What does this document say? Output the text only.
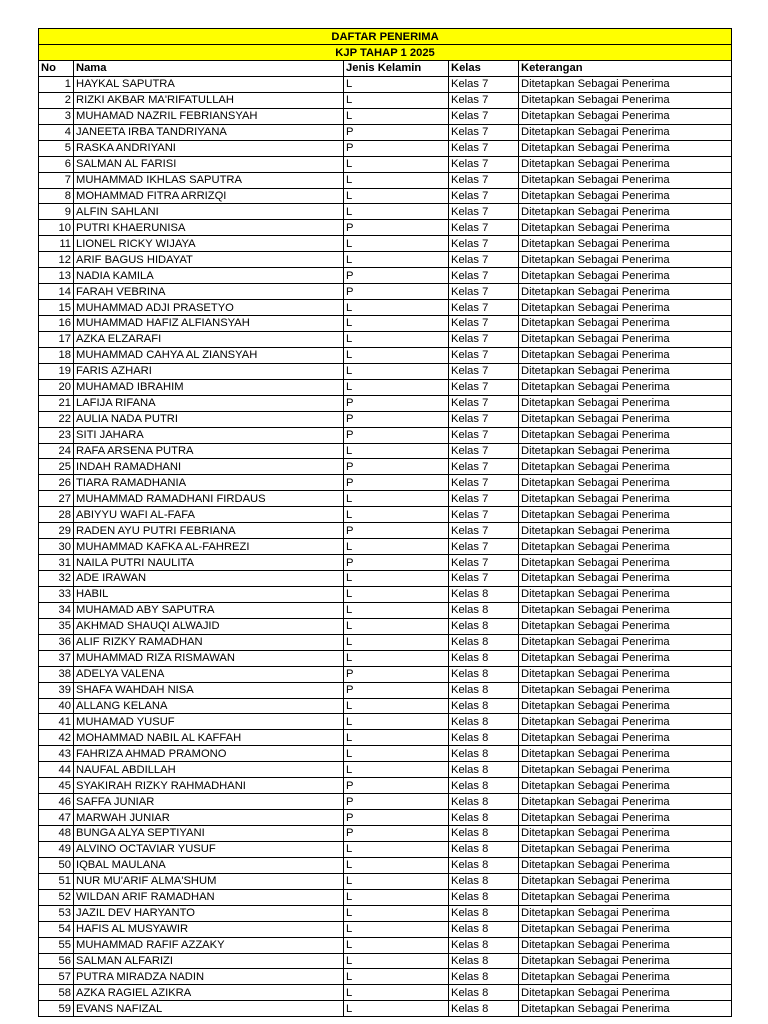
DAFTAR PENERIMA				
KJP TAHAP 1 2025				
No	Nama	Jenis Kelamin	Kelas	Keterangan
1	HAYKAL SAPUTRA	L	Kelas 7	Ditetapkan Sebagai Penerima
2	RIZKI AKBAR MA'RIFATULLAH	L	Kelas 7	Ditetapkan Sebagai Penerima
3	MUHAMAD NAZRIL FEBRIANSYAH	L	Kelas 7	Ditetapkan Sebagai Penerima
4	JANEETA IRBA TANDRIYANA	P	Kelas 7	Ditetapkan Sebagai Penerima
5	RASKA ANDRIYANI	P	Kelas 7	Ditetapkan Sebagai Penerima
6	SALMAN AL FARISI	L	Kelas 7	Ditetapkan Sebagai Penerima
7	MUHAMMAD IKHLAS SAPUTRA	L	Kelas 7	Ditetapkan Sebagai Penerima
8	MOHAMMAD FITRA ARRIZQI	L	Kelas 7	Ditetapkan Sebagai Penerima
9	ALFIN SAHLANI	L	Kelas 7	Ditetapkan Sebagai Penerima
10	PUTRI KHAERUNISA	P	Kelas 7	Ditetapkan Sebagai Penerima
11	LIONEL RICKY WIJAYA	L	Kelas 7	Ditetapkan Sebagai Penerima
12	ARIF BAGUS HIDAYAT	L	Kelas 7	Ditetapkan Sebagai Penerima
13	NADIA KAMILA	P	Kelas 7	Ditetapkan Sebagai Penerima
14	FARAH VEBRINA	P	Kelas 7	Ditetapkan Sebagai Penerima
15	MUHAMMAD ADJI PRASETYO	L	Kelas 7	Ditetapkan Sebagai Penerima
16	MUHAMMAD HAFIZ ALFIANSYAH	L	Kelas 7	Ditetapkan Sebagai Penerima
17	AZKA ELZARAFI	L	Kelas 7	Ditetapkan Sebagai Penerima
18	MUHAMMAD CAHYA AL ZIANSYAH	L	Kelas 7	Ditetapkan Sebagai Penerima
19	FARIS AZHARI	L	Kelas 7	Ditetapkan Sebagai Penerima
20	MUHAMAD IBRAHIM	L	Kelas 7	Ditetapkan Sebagai Penerima
21	LAFIJA RIFANA	P	Kelas 7	Ditetapkan Sebagai Penerima
22	AULIA NADA PUTRI	P	Kelas 7	Ditetapkan Sebagai Penerima
23	SITI JAHARA	P	Kelas 7	Ditetapkan Sebagai Penerima
24	RAFA ARSENA PUTRA	L	Kelas 7	Ditetapkan Sebagai Penerima
25	INDAH RAMADHANI	P	Kelas 7	Ditetapkan Sebagai Penerima
26	TIARA RAMADHANIA	P	Kelas 7	Ditetapkan Sebagai Penerima
27	MUHAMMAD RAMADHANI FIRDAUS	L	Kelas 7	Ditetapkan Sebagai Penerima
28	ABIYYU WAFI AL-FAFA	L	Kelas 7	Ditetapkan Sebagai Penerima
29	RADEN AYU PUTRI FEBRIANA	P	Kelas 7	Ditetapkan Sebagai Penerima
30	MUHAMMAD KAFKA AL-FAHREZI	L	Kelas 7	Ditetapkan Sebagai Penerima
31	NAILA PUTRI NAULITA	P	Kelas 7	Ditetapkan Sebagai Penerima
32	ADE IRAWAN	L	Kelas 7	Ditetapkan Sebagai Penerima
33	HABIL	L	Kelas 8	Ditetapkan Sebagai Penerima
34	MUHAMAD ABY SAPUTRA	L	Kelas 8	Ditetapkan Sebagai Penerima
35	AKHMAD SHAUQI ALWAJID	L	Kelas 8	Ditetapkan Sebagai Penerima
36	ALIF RIZKY RAMADHAN	L	Kelas 8	Ditetapkan Sebagai Penerima
37	MUHAMMAD RIZA RISMAWAN	L	Kelas 8	Ditetapkan Sebagai Penerima
38	ADELYA VALENA	P	Kelas 8	Ditetapkan Sebagai Penerima
39	SHAFA WAHDAH NISA	P	Kelas 8	Ditetapkan Sebagai Penerima
40	ALLANG KELANA	L	Kelas 8	Ditetapkan Sebagai Penerima
41	MUHAMAD YUSUF	L	Kelas 8	Ditetapkan Sebagai Penerima
42	MOHAMMAD NABIL AL KAFFAH	L	Kelas 8	Ditetapkan Sebagai Penerima
43	FAHRIZA AHMAD PRAMONO	L	Kelas 8	Ditetapkan Sebagai Penerima
44	NAUFAL ABDILLAH	L	Kelas 8	Ditetapkan Sebagai Penerima
45	SYAKIRAH RIZKY RAHMADHANI	P	Kelas 8	Ditetapkan Sebagai Penerima
46	SAFFA JUNIAR	P	Kelas 8	Ditetapkan Sebagai Penerima
47	MARWAH JUNIAR	P	Kelas 8	Ditetapkan Sebagai Penerima
48	BUNGA ALYA SEPTIYANI	P	Kelas 8	Ditetapkan Sebagai Penerima
49	ALVINO OCTAVIAR YUSUF	L	Kelas 8	Ditetapkan Sebagai Penerima
50	IQBAL MAULANA	L	Kelas 8	Ditetapkan Sebagai Penerima
51	NUR MU'ARIF ALMA'SHUM	L	Kelas 8	Ditetapkan Sebagai Penerima
52	WILDAN ARIF RAMADHAN	L	Kelas 8	Ditetapkan Sebagai Penerima
53	JAZIL DEV HARYANTO	L	Kelas 8	Ditetapkan Sebagai Penerima
54	HAFIS AL MUSYAWIR	L	Kelas 8	Ditetapkan Sebagai Penerima
55	MUHAMMAD RAFIF AZZAKY	L	Kelas 8	Ditetapkan Sebagai Penerima
56	SALMAN ALFARIZI	L	Kelas 8	Ditetapkan Sebagai Penerima
57	PUTRA MIRADZA NADIN	L	Kelas 8	Ditetapkan Sebagai Penerima
58	AZKA RAGIEL AZIKRA	L	Kelas 8	Ditetapkan Sebagai Penerima
59	EVANS NAFIZAL	L	Kelas 8	Ditetapkan Sebagai Penerima
